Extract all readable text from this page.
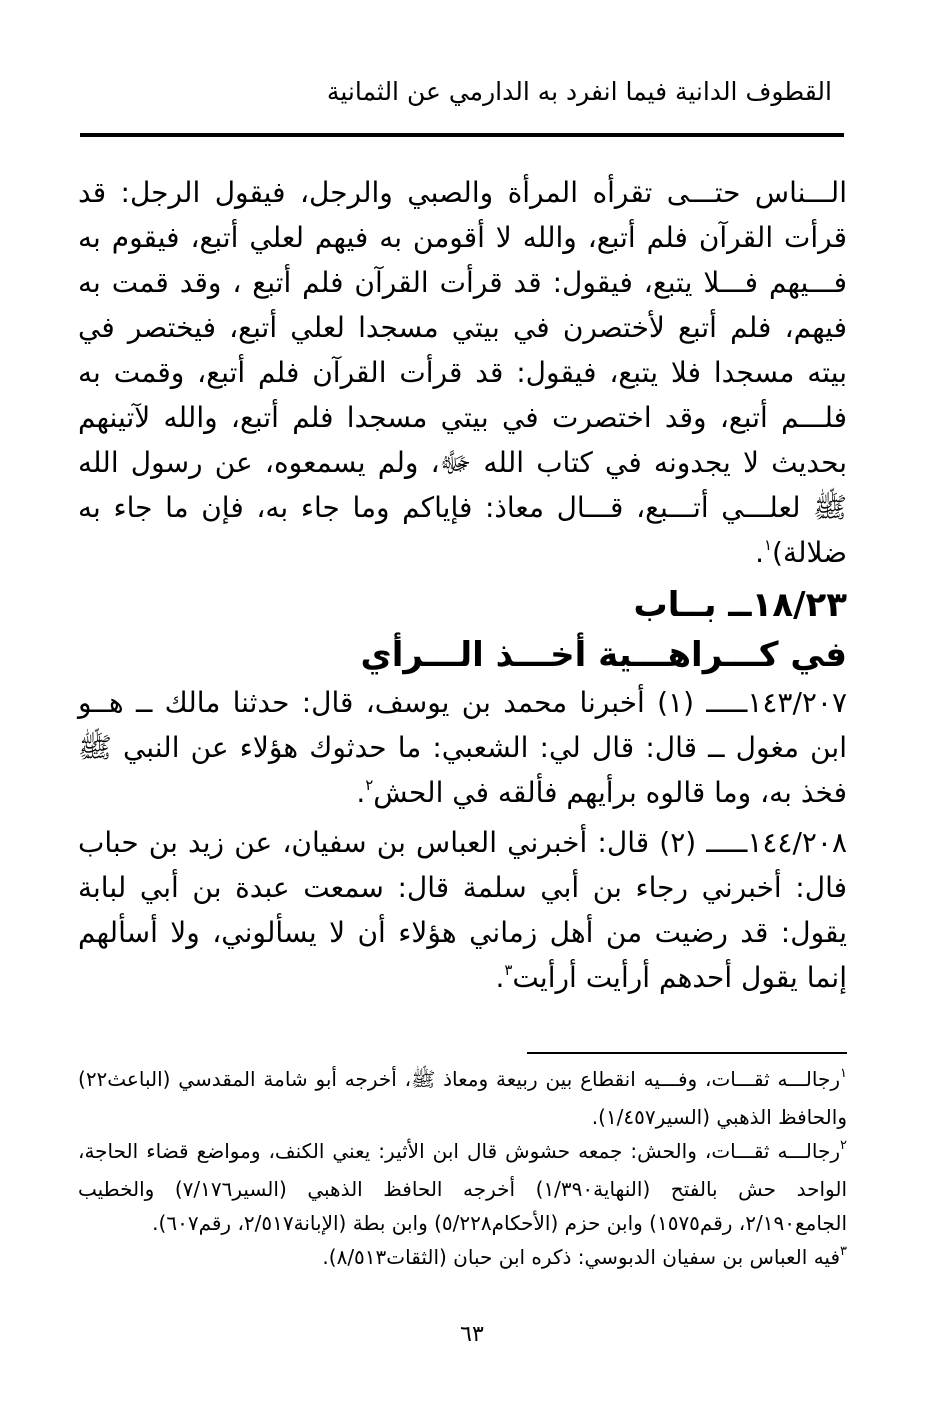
القطوف الدانية فيما انفرد به الدارمي عن الثمانية

الـــناس حتـــى تقرأه المرأة والصبي والرجل، فيقول الرجل: قد قرأت القرآن فلم أتبع، والله لا أقومن به فيهم لعلي أتبع، فيقوم به فـــيهم فـــلا يتبع، فيقول: قد قرأت القرآن فلم أتبع ، وقد قمت به فيهم، فلم أتبع لأختصرن في بيتي مسجدا لعلي أتبع، فيختصر في بيته مسجدا فلا يتبع، فيقول: قد قرأت القرآن فلم أتبع، وقمت به فلـــم أتبع، وقد اختصرت في بيتي مسجدا فلم أتبع، والله لآتينهم بحديث لا يجدونه في كتاب الله ﷻ، ولم يسمعوه، عن رسول الله ﷺ لعلـــي أتـــبع، قـــال معاذ: فإياكم وما جاء به، فإن ما جاء به ضلالة)$^١$.

١٨/٢٣ــ بــاب

في كـــراهـــية أخـــذ الـــرأي

١٤٣/٢٠٧ـــــ (١) أخبرنا محمد بن يوسف، قال: حدثنا مالك ــ هــو ابن مغول ــ قال: قال لي: الشعبي: ما حدثوك هؤلاء عن النبي ﷺ فخذ به، وما قالوه برأيهم فألقه في الحش$^٢$.

١٤٤/٢٠٨ـــــ (٢) قال: أخبرني العباس بن سفيان، عن زيد بن حباب فال: أخبرني رجاء بن أبي سلمة قال: سمعت عبدة بن أبي لبابة يقول: قد رضيت من أهل زماني هؤلاء أن لا يسألوني، ولا أسألهم إنما يقول أحدهم أرأيت أرأيت$^٣$.

$^١$رجالـــه ثقـــات، وفـــيه انقطاع بين ربيعة ومعاذ ﷺ، أخرجه أبو شامة المقدسي (الباعث٢٢) والحافظ الذهبي (السير١/٤٥٧).

$^٢$رجالـــه ثقـــات، والحش: جمعه حشوش قال ابن الأثير: يعني الكنف، ومواضع قضاء الحاجة، الواحد حش بالفتح (النهاية١/٣٩٠) أخرجه الحافظ الذهبي (السير٧/١٧٦) والخطيب الجامع٢/١٩٠، رقم١٥٧٥) وابن حزم (الأحكام٥/٢٢٨) وابن بطة (الإبانة٢/٥١٧، رقم٦٠٧).

$^٣$فيه العباس بن سفيان الدبوسي: ذكره ابن حبان (الثقات٨/٥١٣).

٦٣
